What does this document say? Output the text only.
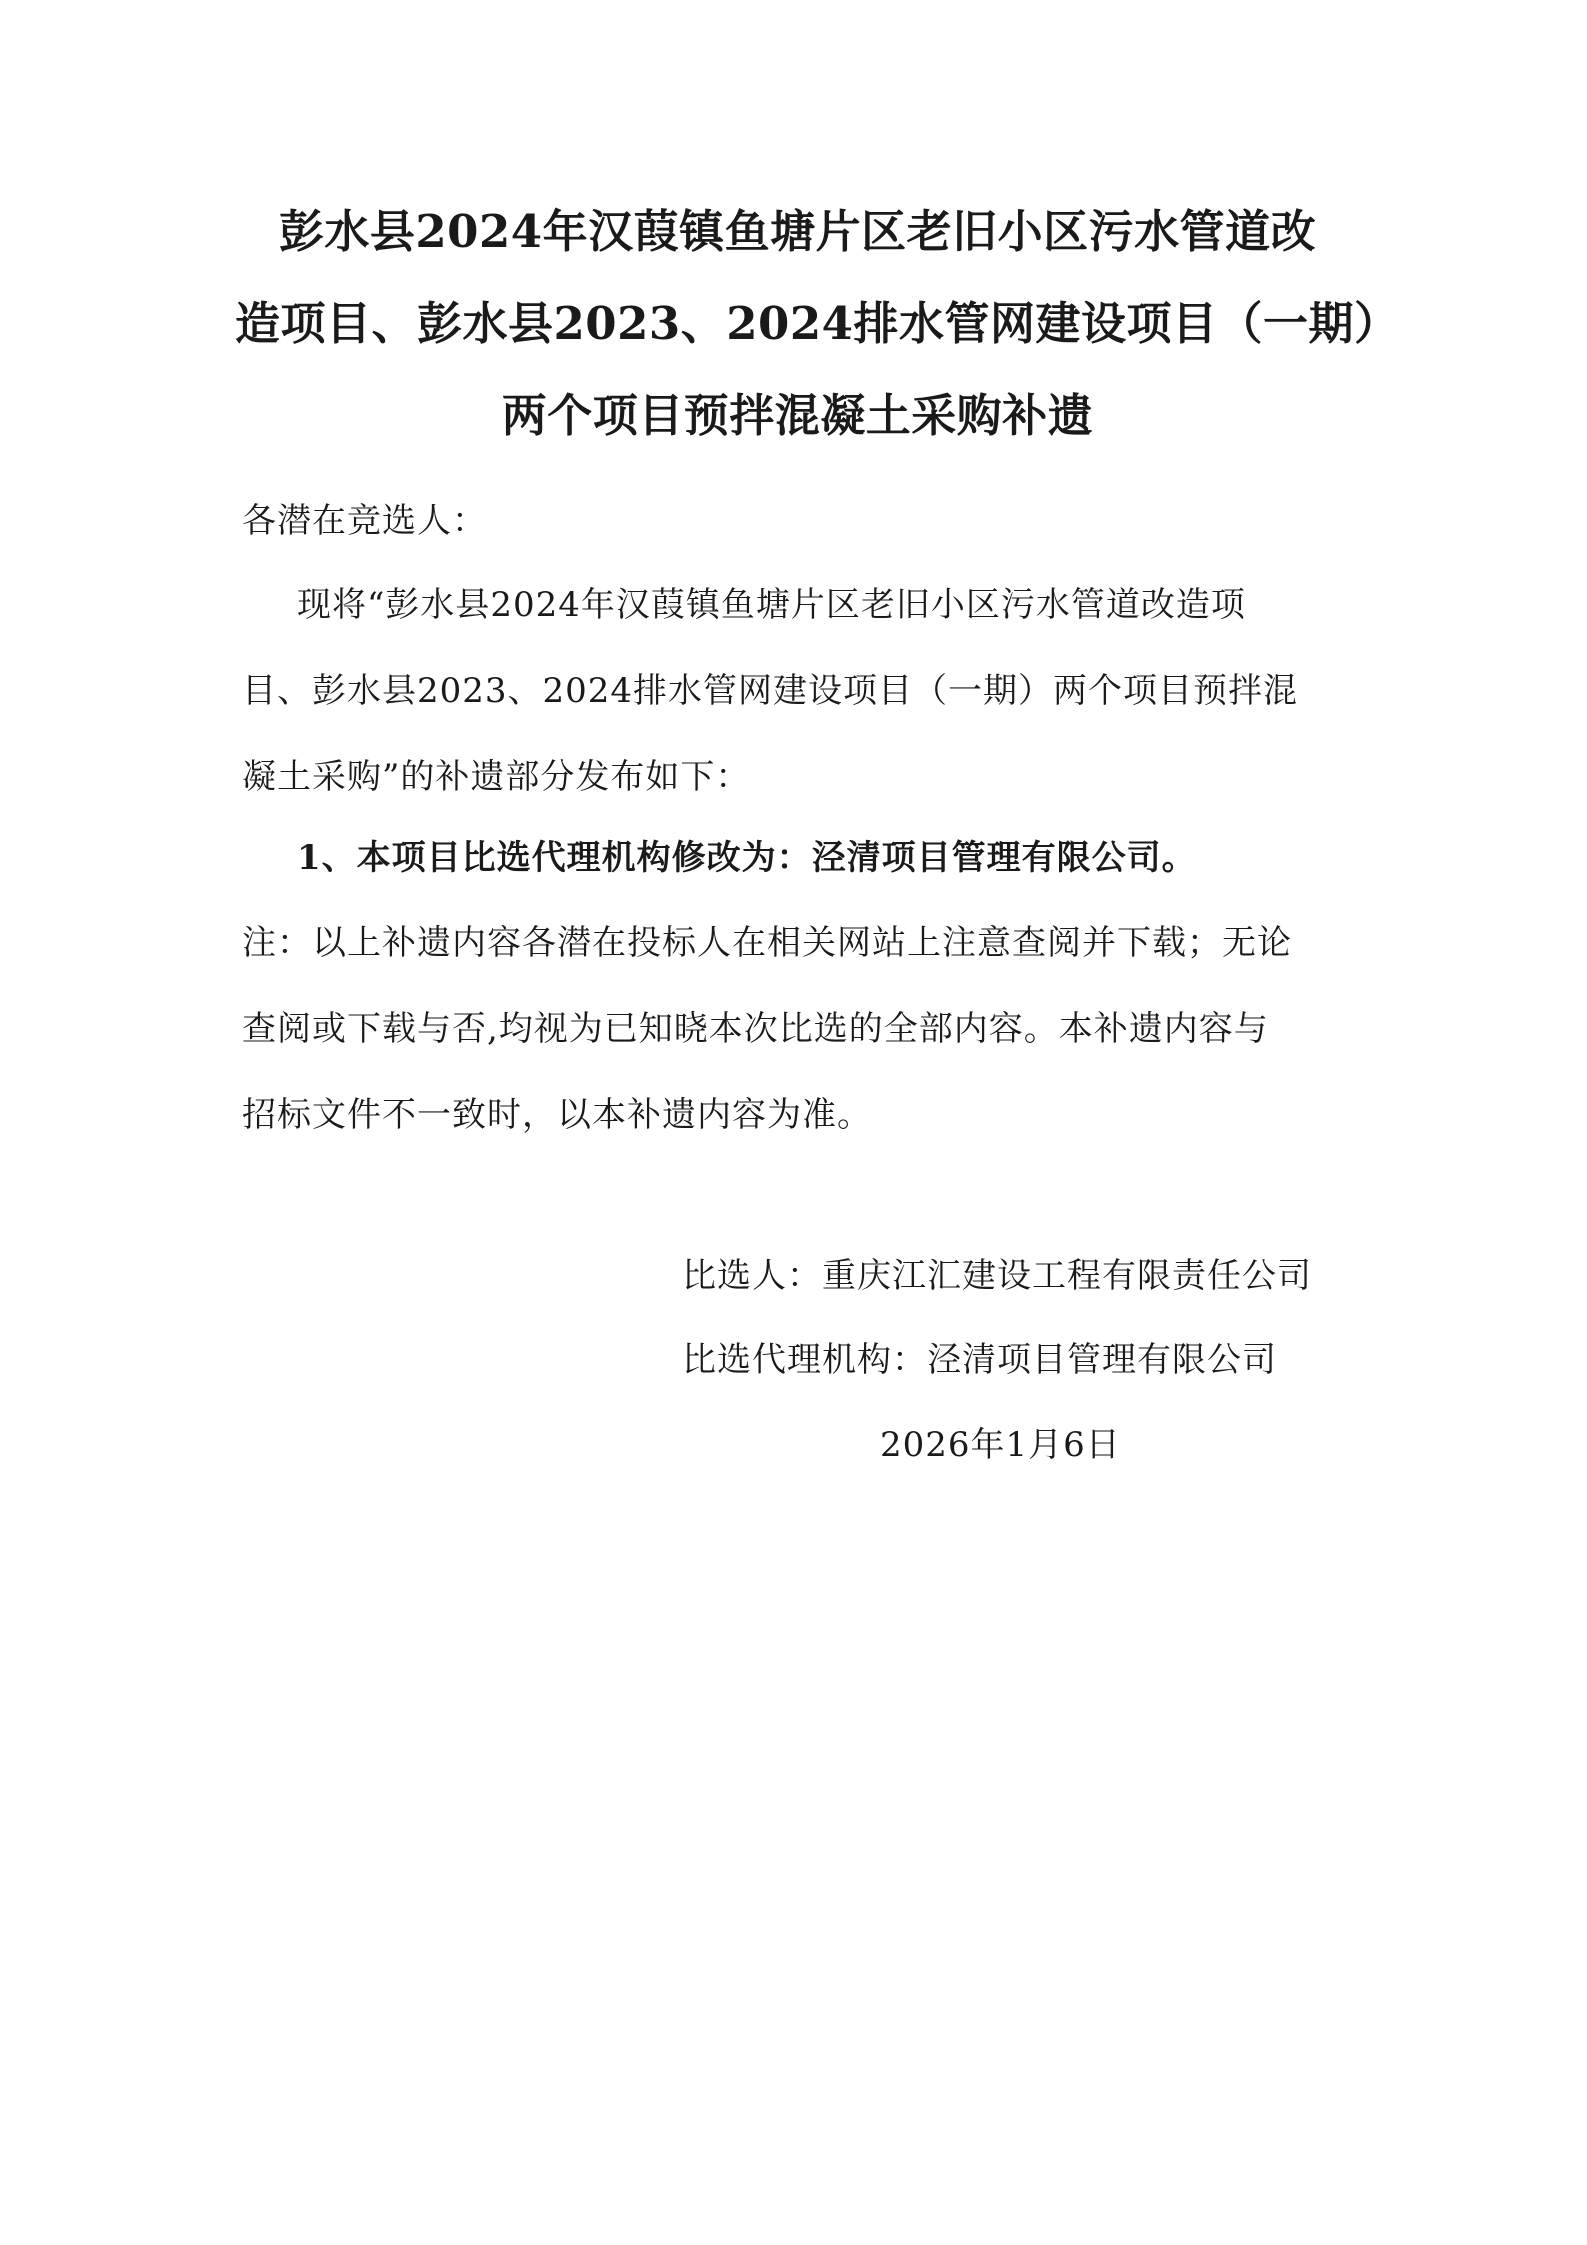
彭水县2024年汉葭镇鱼塘片区老旧小区污水管道改
造项目、彭水县2023、2024排水管网建设项目（一期）
两个项目预拌混凝土采购补遗
各潜在竞选人：
现将“彭水县2024年汉葭镇鱼塘片区老旧小区污水管道改造项
目、彭水县2023、2024排水管网建设项目（一期）两个项目预拌混
凝土采购”的补遗部分发布如下：
1、本项目比选代理机构修改为：泾清项目管理有限公司。
注：以上补遗内容各潜在投标人在相关网站上注意查阅并下载；无论
查阅或下载与否,均视为已知晓本次比选的全部内容。本补遗内容与
招标文件不一致时，以本补遗内容为准。
比选人：重庆江汇建设工程有限责任公司
比选代理机构：泾清项目管理有限公司
2026年1月6日
